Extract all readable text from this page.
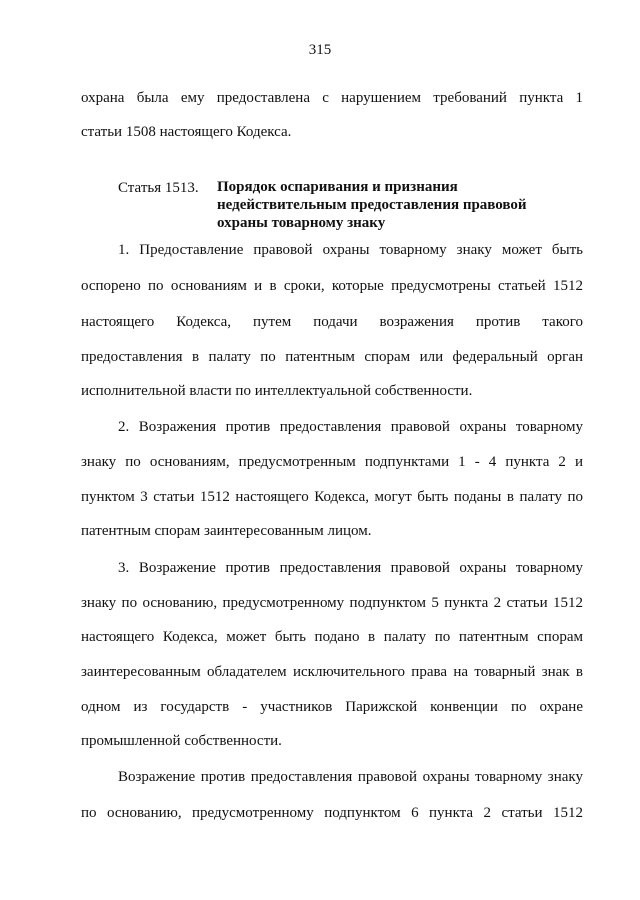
315
охрана была ему предоставлена с нарушением требований пункта 1
статьи 1508 настоящего Кодекса.
Статья 1513. Порядок оспаривания и признания
недействительным предоставления правовой
охраны товарному знаку
1. Предоставление правовой охраны товарному знаку может быть
оспорено по основаниям и в сроки, которые предусмотрены статьей 1512
настоящего Кодекса, путем подачи возражения против такого
предоставления в палату по патентным спорам или федеральный орган
исполнительной власти по интеллектуальной собственности.
2. Возражения против предоставления правовой охраны товарному
знаку по основаниям, предусмотренным подпунктами 1 - 4 пункта 2 и
пунктом 3 статьи 1512 настоящего Кодекса, могут быть поданы в палату по
патентным спорам заинтересованным лицом.
3. Возражение против предоставления правовой охраны товарному
знаку по основанию, предусмотренному подпунктом 5 пункта 2 статьи 1512
настоящего Кодекса, может быть подано в палату по патентным спорам
заинтересованным обладателем исключительного права на товарный знак в
одном из государств - участников Парижской конвенции по охране
промышленной собственности.
Возражение против предоставления правовой охраны товарному знаку
по основанию, предусмотренному подпунктом 6 пункта 2 статьи 1512
